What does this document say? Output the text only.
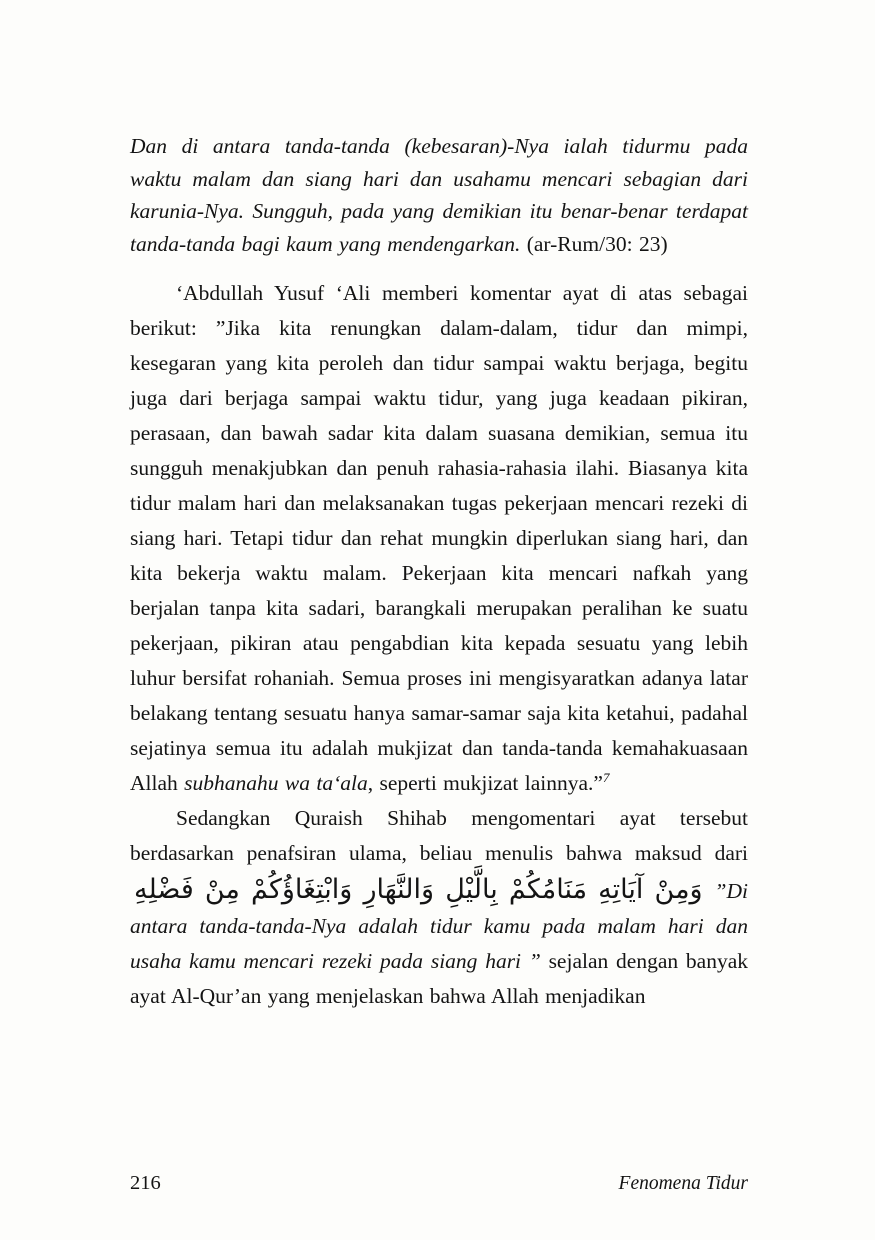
Dan di antara tanda-tanda (kebesaran)-Nya ialah tidurmu pada waktu malam dan siang hari dan usahamu mencari sebagian dari karunia-Nya. Sungguh, pada yang demikian itu benar-benar terdapat tanda-tanda bagi kaum yang mendengarkan. (ar-Rum/30: 23)

‘Abdullah Yusuf ‘Ali memberi komentar ayat di atas sebagai berikut: ”Jika kita renungkan dalam-dalam, tidur dan mimpi, kesegaran yang kita peroleh dan tidur sampai waktu berjaga, begitu juga dari berjaga sampai waktu tidur, yang juga keadaan pikiran, perasaan, dan bawah sadar kita dalam suasana demikian, semua itu sungguh menakjubkan dan penuh rahasia-rahasia ilahi. Biasanya kita tidur malam hari dan melaksanakan tugas pekerjaan mencari rezeki di siang hari. Tetapi tidur dan rehat mungkin diperlukan siang hari, dan kita bekerja waktu malam. Pekerjaan kita mencari nafkah yang berjalan tanpa kita sadari, barangkali merupakan peralihan ke suatu pekerjaan, pikiran atau pengabdian kita kepada sesuatu yang lebih luhur bersifat rohaniah. Semua proses ini mengisyaratkan adanya latar belakang tentang sesuatu hanya samar-samar saja kita ketahui, padahal sejatinya semua itu adalah mukjizat dan tanda-tanda kemahakuasaan Allah subhanahu wa ta‘ala, seperti mukjizat lainnya.”$^7$

Sedangkan Quraish Shihab mengomentari ayat tersebut berdasarkan penafsiran ulama, beliau menulis bahwa maksud dari وَمِنْ آيَاتِهِ مَنَامُكُمْ بِالَّيْلِ وَالنَّهَارِ وَابْتِغَاؤُكُمْ مِنْ فَضْلِهِ ”Di antara tanda-tanda-Nya adalah tidur kamu pada malam hari dan usaha kamu mencari rezeki pada siang hari ” sejalan dengan banyak ayat Al-Qur’an yang menjelaskan bahwa Allah menjadikan

216	Fenomena Tidur
